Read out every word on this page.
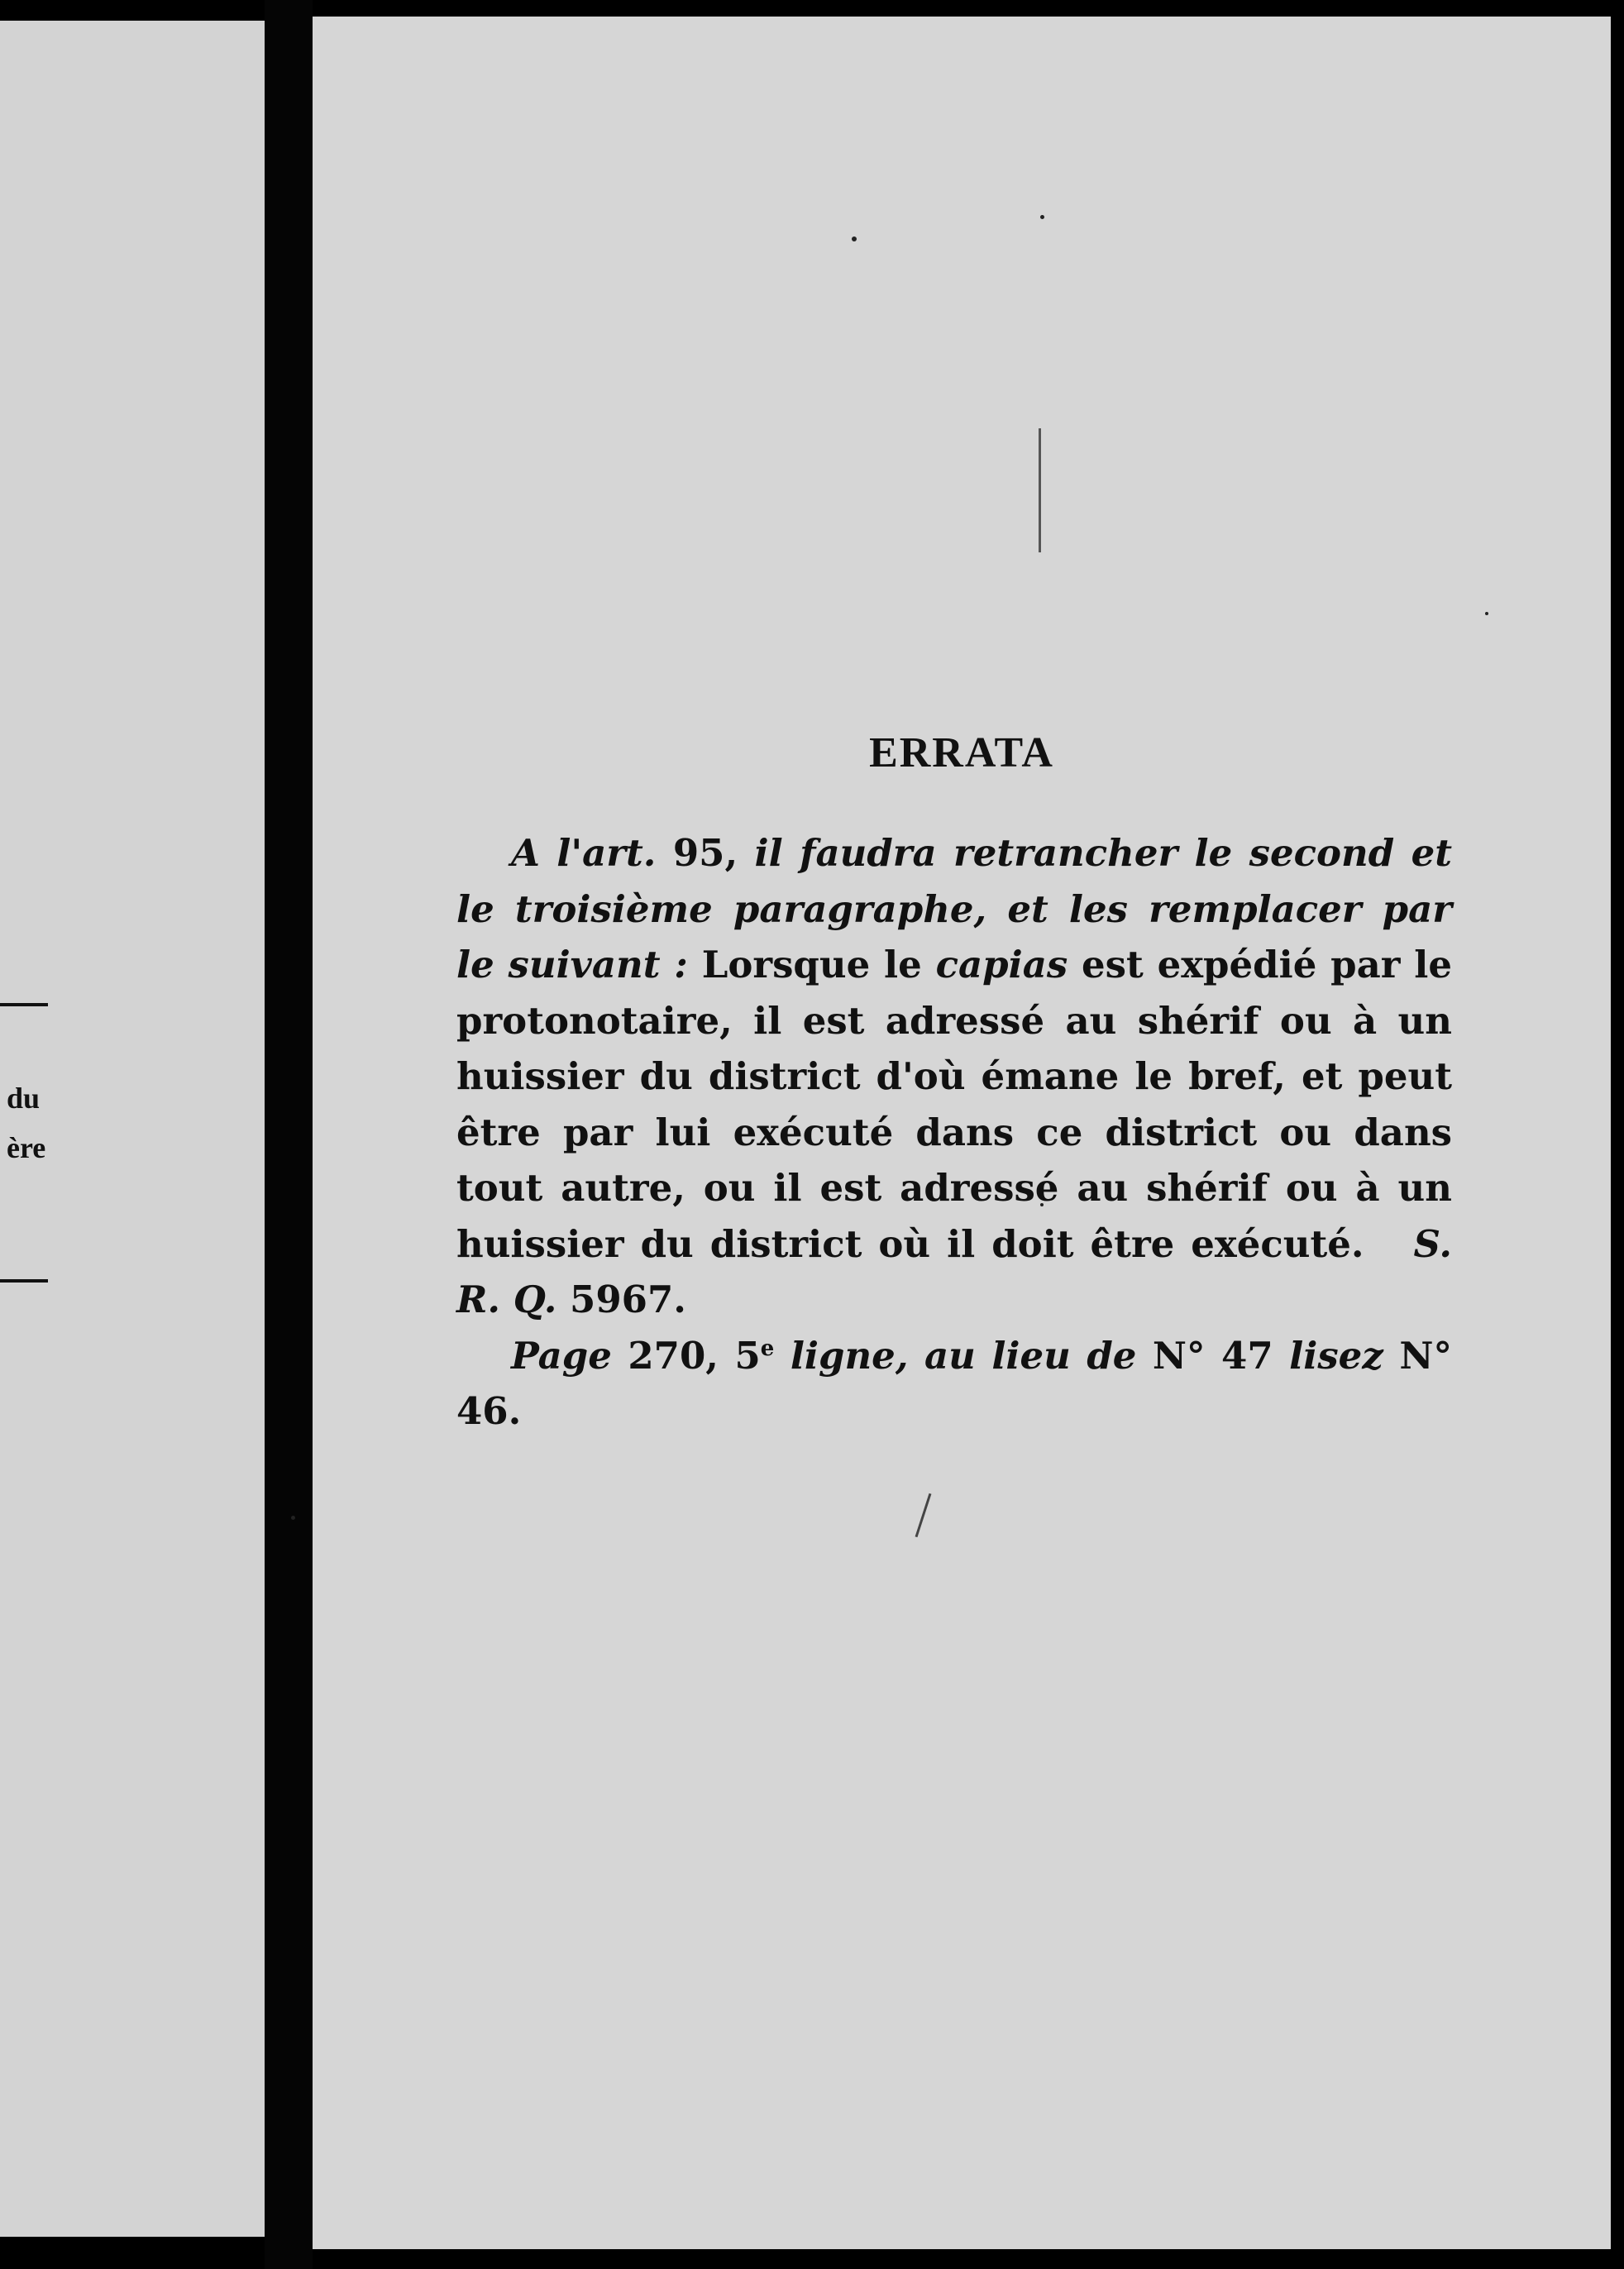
du
ère
ERRATA

A l'art. 95, il faudra retrancher le second et le troisième paragraphe, et les remplacer par le suivant : Lorsque le capias est expédié par le protonotaire, il est adressé au shérif ou à un huissier du district d'où émane le bref, et peut être par lui exécuté dans ce district ou dans tout autre, ou il est adressé au shérif ou à un huissier du district où il doit être exécuté. S. R. Q. 5967.

Page 270, 5e ligne, au lieu de N° 47 lisez N° 46.
